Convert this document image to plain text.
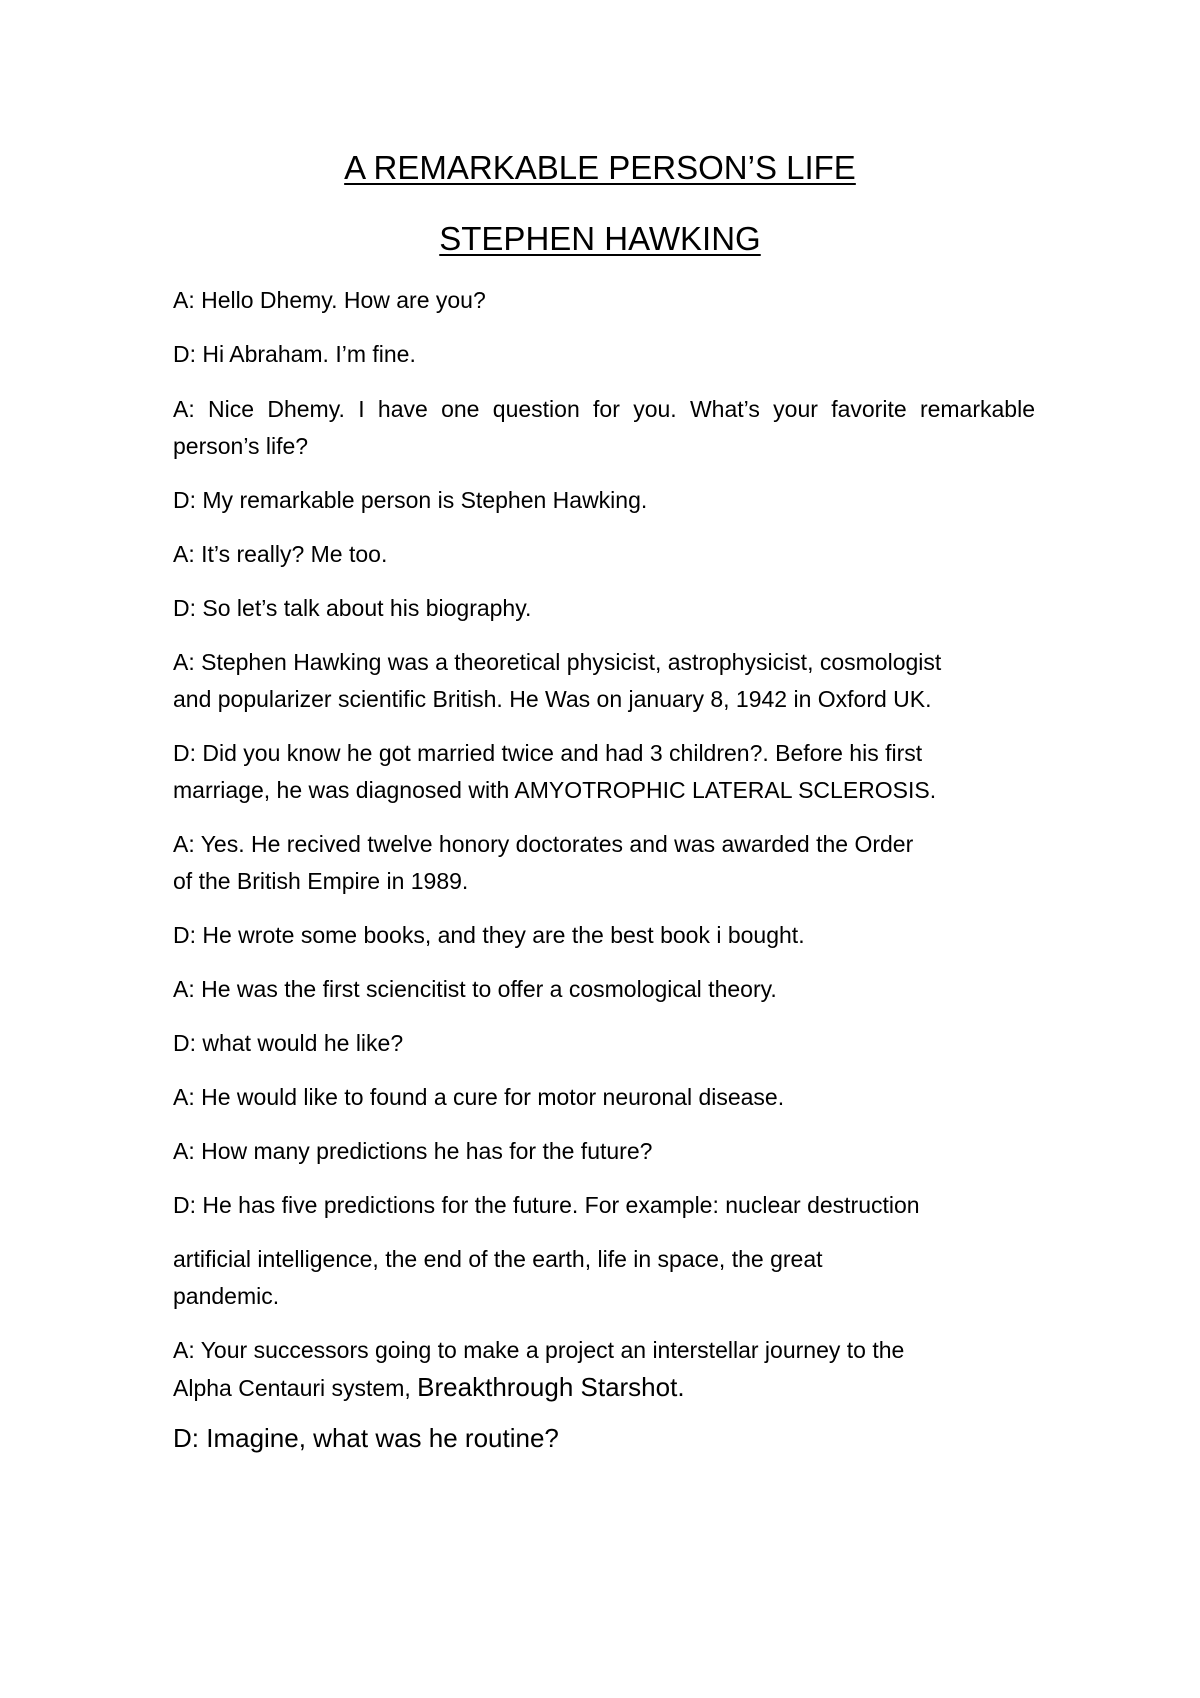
A REMARKABLE PERSON’S LIFE
STEPHEN HAWKING

A: Hello Dhemy. How are you?

D: Hi Abraham. I’m fine.

A: Nice Dhemy. I have one question for you. What’s your favorite remarkable person’s life?

D: My remarkable person is Stephen Hawking.

A: It’s really? Me too.

D: So let’s talk about his biography.

A: Stephen Hawking was a theoretical physicist, astrophysicist, cosmologist

and popularizer scientific British. He Was on january 8, 1942 in Oxford UK.

D: Did you know he got married twice and had 3 children?. Before his first

marriage, he was diagnosed with AMYOTROPHIC LATERAL SCLEROSIS.

A: Yes. He recived twelve honory doctorates and was awarded the Order

of the British Empire in 1989.

D: He wrote some books, and they are the best book i bought.

A: He was the first sciencitist to offer a cosmological theory.

D: what would he like?

A: He would like to found a cure for motor neuronal disease.

A: How many predictions he has for the future?

D: He has five predictions for the future. For example: nuclear destruction

artificial intelligence, the end of the earth, life in space, the great

pandemic.

A: Your successors going to make a project an interstellar journey to the

Alpha Centauri system, Breakthrough Starshot.

D: Imagine, what was he routine?
